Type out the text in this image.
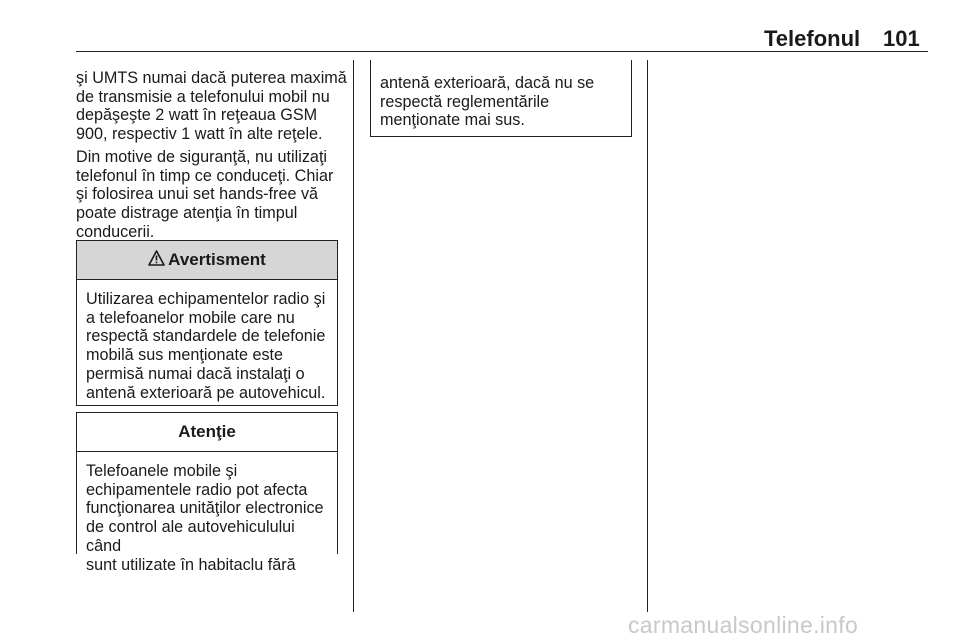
Telefonul 101

şi UMTS numai dacă puterea maximă
de transmisie a telefonului mobil nu
depăşeşte 2 watt în reţeaua GSM
900, respectiv 1 watt în alte reţele.

Din motive de siguranţă, nu utilizaţi
telefonul în timp ce conduceţi. Chiar
şi folosirea unui set hands-free vă
poate distrage atenţia în timpul
conducerii.

Avertisment
Utilizarea echipamentelor radio şi
a telefoanelor mobile care nu
respectă standardele de telefonie
mobilă sus menţionate este
permisă numai dacă instalaţi o
antenă exterioară pe autovehicul.
Atenţie
Telefoanele mobile şi
echipamentele radio pot afecta
funcţionarea unităţilor electronice
de control ale autovehiculului când
sunt utilizate în habitaclu fără
antenă exterioară, dacă nu se
respectă reglementările
menţionate mai sus.
carmanualsonline.info
